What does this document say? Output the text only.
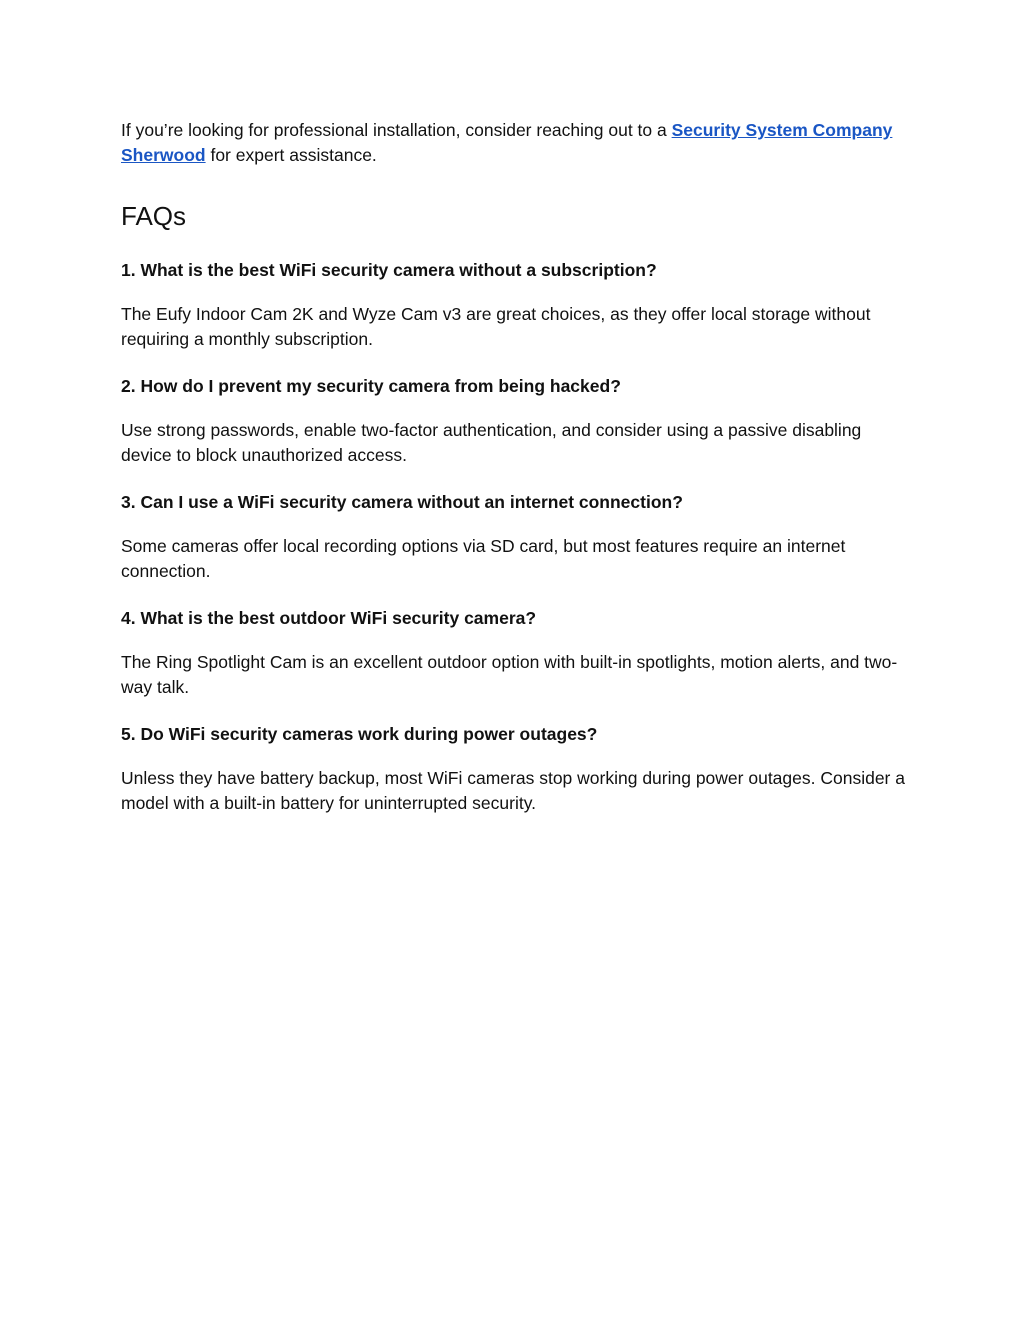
If you’re looking for professional installation, consider reaching out to a Security System Company Sherwood for expert assistance.

FAQs

1. What is the best WiFi security camera without a subscription?

The Eufy Indoor Cam 2K and Wyze Cam v3 are great choices, as they offer local storage without requiring a monthly subscription.

2. How do I prevent my security camera from being hacked?

Use strong passwords, enable two-factor authentication, and consider using a passive disabling device to block unauthorized access.

3. Can I use a WiFi security camera without an internet connection?

Some cameras offer local recording options via SD card, but most features require an internet connection.

4. What is the best outdoor WiFi security camera?

The Ring Spotlight Cam is an excellent outdoor option with built-in spotlights, motion alerts, and two-way talk.

5. Do WiFi security cameras work during power outages?

Unless they have battery backup, most WiFi cameras stop working during power outages. Consider a model with a built-in battery for uninterrupted security.
